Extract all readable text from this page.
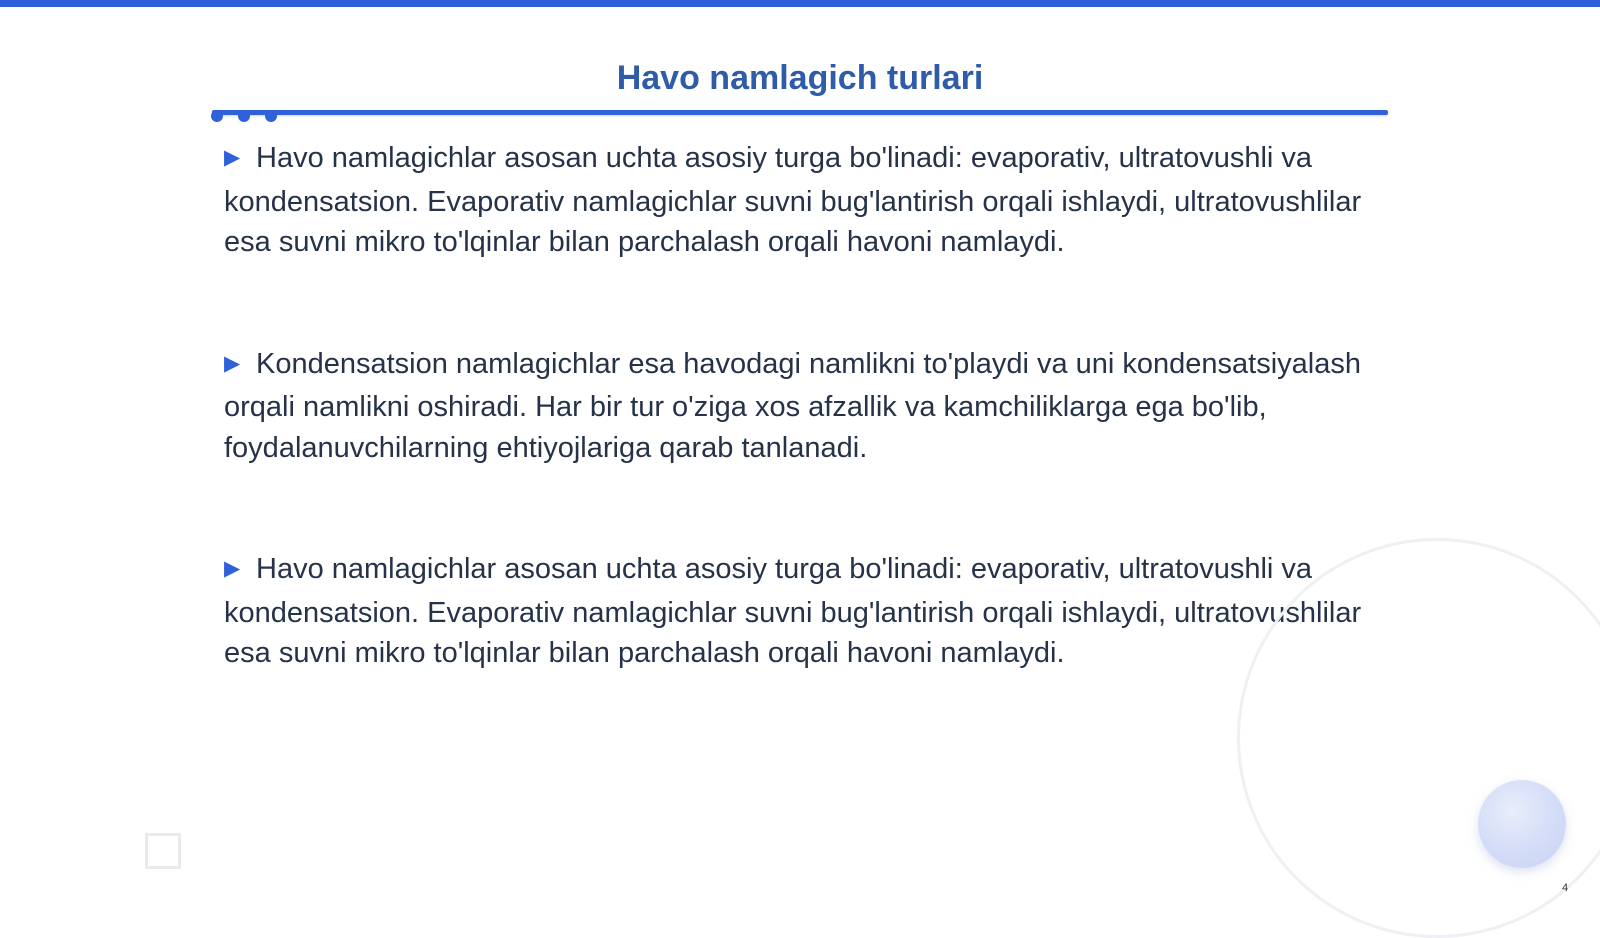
Havo namlagich turlari

▶ Havo namlagichlar asosan uchta asosiy turga bo'linadi: evaporativ, ultratovushli va kondensatsion. Evaporativ namlagichlar suvni bug'lantirish orqali ishlaydi, ultratovushlilar esa suvni mikro to'lqinlar bilan parchalash orqali havoni namlaydi.

▶ Kondensatsion namlagichlar esa havodagi namlikni to'playdi va uni kondensatsiyalash orqali namlikni oshiradi. Har bir tur o'ziga xos afzallik va kamchiliklarga ega bo'lib, foydalanuvchilarning ehtiyojlariga qarab tanlanadi.

▶ Havo namlagichlar asosan uchta asosiy turga bo'linadi: evaporativ, ultratovushli va kondensatsion. Evaporativ namlagichlar suvni bug'lantirish orqali ishlaydi, ultratovushlilar esa suvni mikro to'lqinlar bilan parchalash orqali havoni namlaydi.

4
